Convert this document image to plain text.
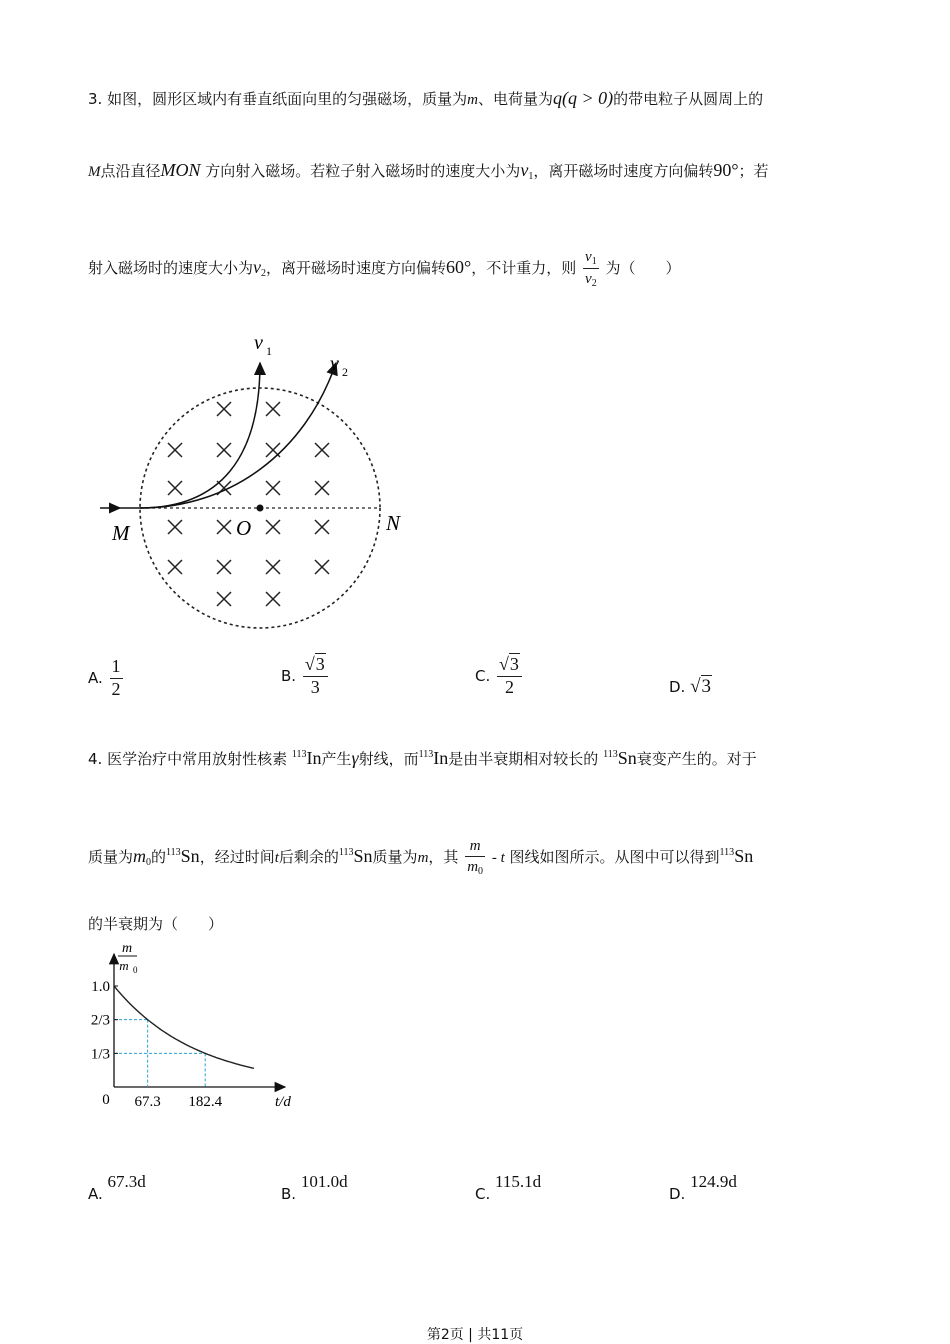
3. 如图，圆形区域内有垂直纸面向里的匀强磁场，质量为m、电荷量为q(q > 0)的带电粒子从圆周上的
M点沿直径MON 方向射入磁场。若粒子射入磁场时的速度大小为$v_1$，离开磁场时速度方向偏转90°；若
射入磁场时的速度大小为$v_2$，离开磁场时速度方向偏转60°，不计重力，则 $\frac{v_1}{v_2}$ 为（　　）
v 1
v 2
M	O	N
A. $\frac{1}{2}$	B. $\frac{√3}{3}$	C. $\frac{√3}{2}$	D. √3
4. 医学治疗中常用放射性核素 $^{113}$In产生γ射线，而$^{113}$In是由半衰期相对较长的 $^{113}$Sn衰变产生的。对于
质量为$m_0$的$^{113}$Sn，经过时间t后剩余的$^{113}$Sn质量为m，其 $\frac{m}{m_0}$ - t 图线如图所示。从图中可以得到$^{113}$Sn
的半衰期为（　　）
1.0
2/3
1/3
67.3 182.4
m
m 0
0	t/d
A. 67.3d
B. 101.0d
C. 115.1d
D. 124.9d
第2页 | 共11页
